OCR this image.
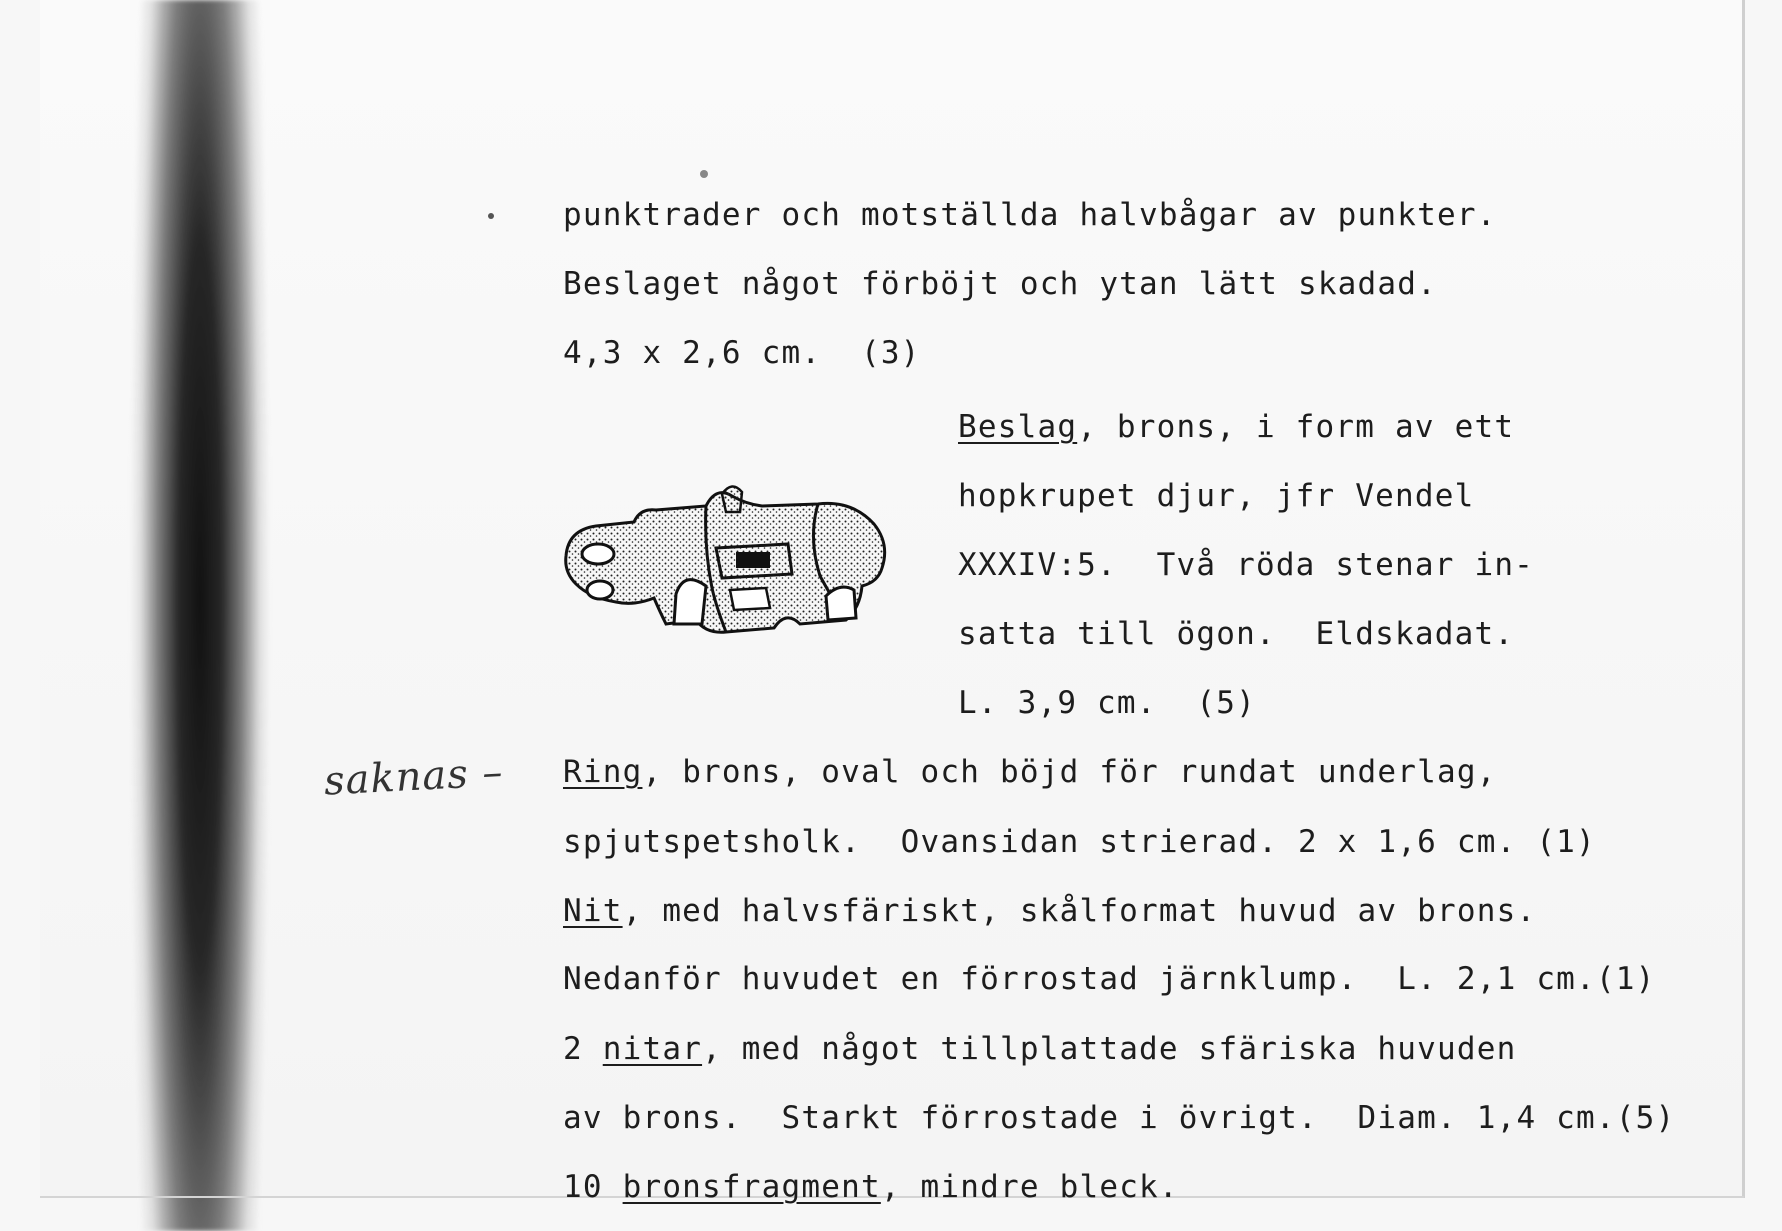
punktrader och motställda halvbågar av punkter.

Beslaget något förböjt och ytan lätt skadad.

4,3 x 2,6 cm.  (3)

Beslag, brons, i form av ett

hopkrupet djur, jfr Vendel

XXXIV:5.  Två röda stenar in-

satta till ögon.  Eldskadat.

L. 3,9 cm.  (5)

saknas – Ring, brons, oval och böjd för rundat underlag,

spjutspetsholk.  Ovansidan strierad. 2 x 1,6 cm. (1)

Nit, med halvsfäriskt, skålformat huvud av brons.

Nedanför huvudet en förrostad järnklump.  L. 2,1 cm.(1)

2 nitar, med något tillplattade sfäriska huvuden

av brons.  Starkt förrostade i övrigt.  Diam. 1,4 cm.(5)

10 bronsfragment, mindre bleck.
